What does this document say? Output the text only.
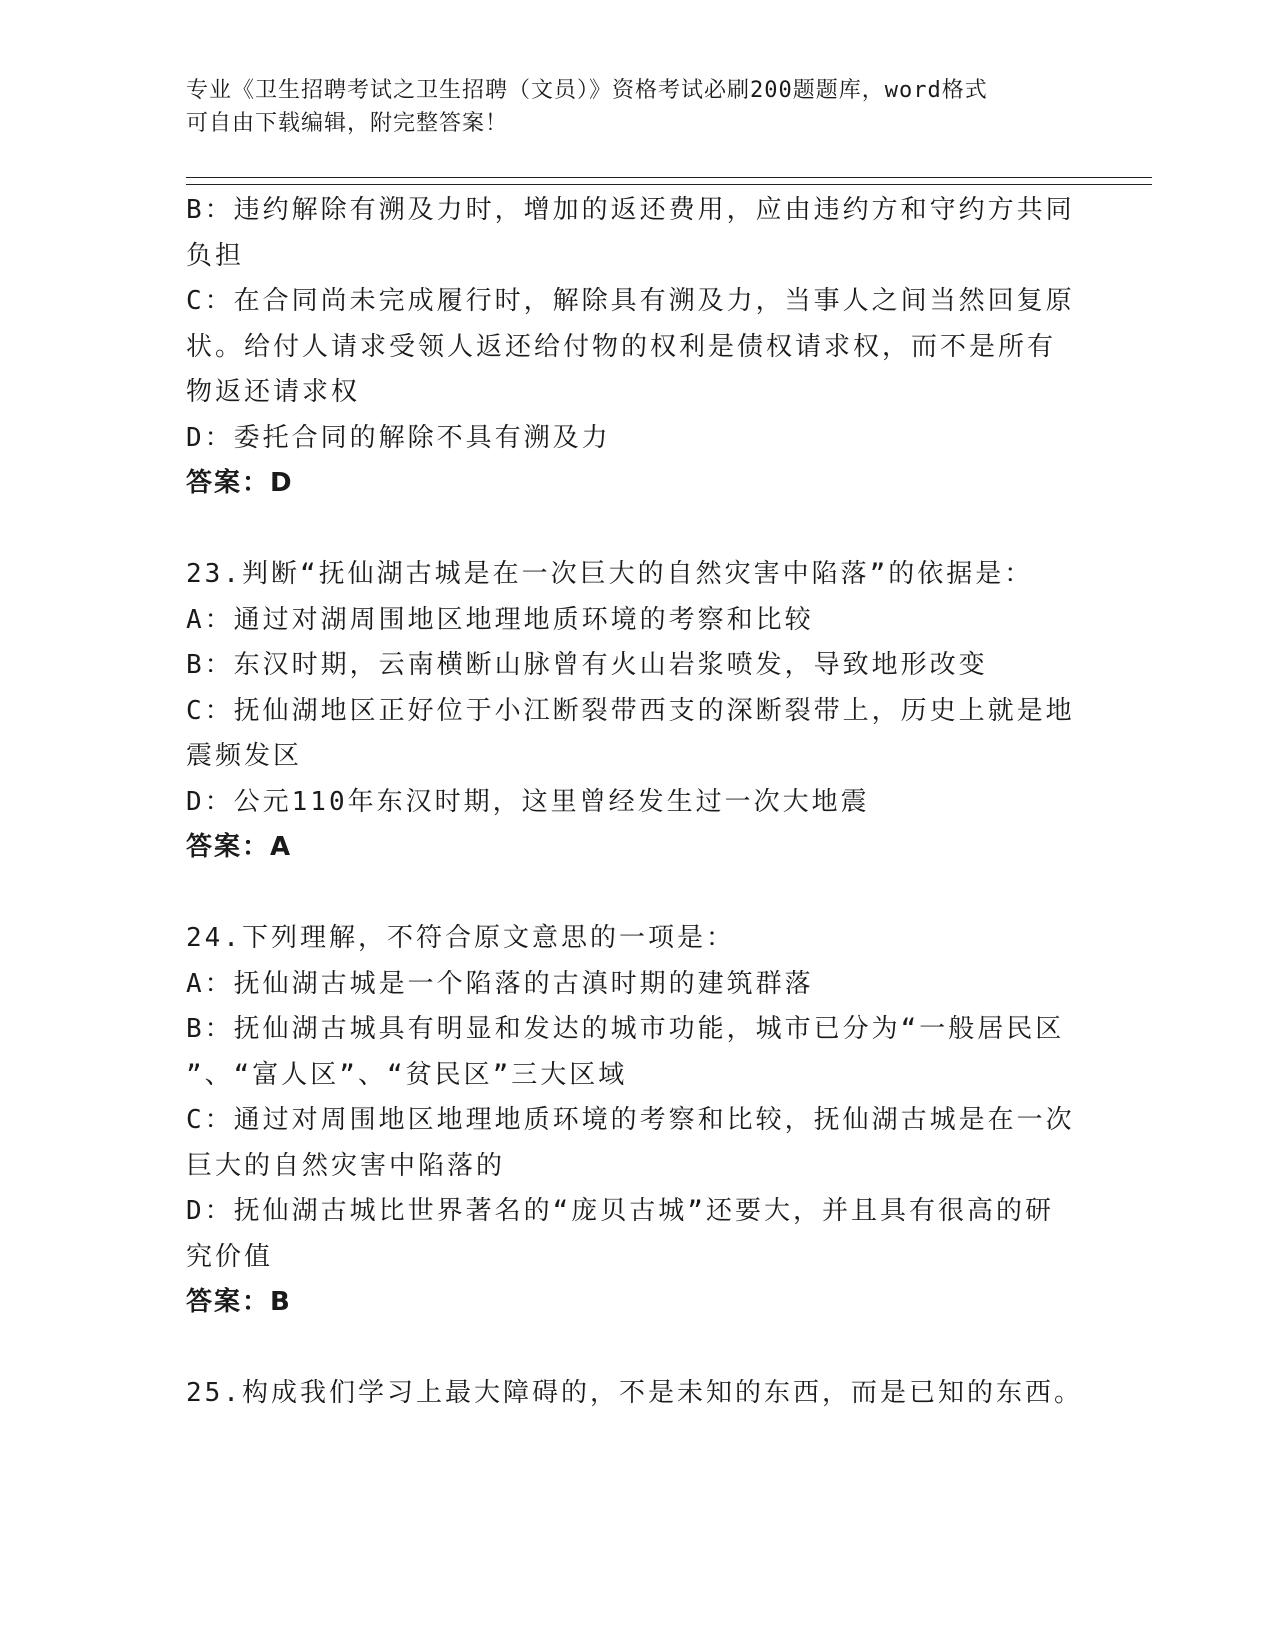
专业《卫生招聘考试之卫生招聘（文员）》资格考试必刷200题题库，word格式
可自由下载编辑，附完整答案！
B：违约解除有溯及力时，增加的返还费用，应由违约方和守约方共同
负担
C：在合同尚未完成履行时，解除具有溯及力，当事人之间当然回复原
状。给付人请求受领人返还给付物的权利是债权请求权，而不是所有
物返还请求权
D：委托合同的解除不具有溯及力
答案：D
23.判断“抚仙湖古城是在一次巨大的自然灾害中陷落”的依据是：
A：通过对湖周围地区地理地质环境的考察和比较
B：东汉时期，云南横断山脉曾有火山岩浆喷发，导致地形改变
C：抚仙湖地区正好位于小江断裂带西支的深断裂带上，历史上就是地
震频发区
D：公元110年东汉时期，这里曾经发生过一次大地震
答案：A
24.下列理解，不符合原文意思的一项是：
A：抚仙湖古城是一个陷落的古滇时期的建筑群落
B：抚仙湖古城具有明显和发达的城市功能，城市已分为“一般居民区
”、“富人区”、“贫民区”三大区域
C：通过对周围地区地理地质环境的考察和比较，抚仙湖古城是在一次
巨大的自然灾害中陷落的
D：抚仙湖古城比世界著名的“庞贝古城”还要大，并且具有很高的研
究价值
答案：B
25.构成我们学习上最大障碍的，不是未知的东西，而是已知的东西。
